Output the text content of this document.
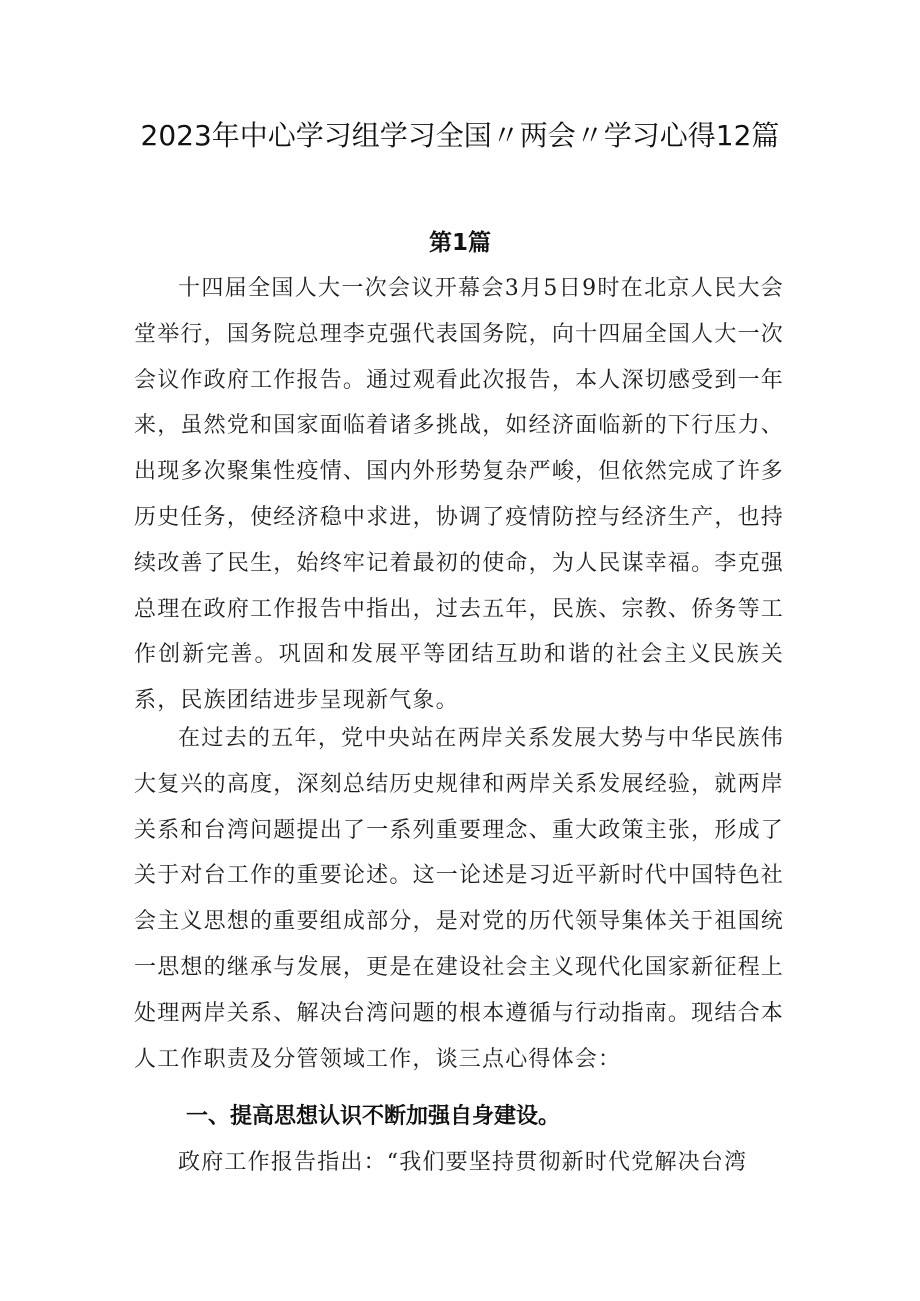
2023年中心学习组学习全国〃两会〃学习心得12篇
第1篇

十四届全国人大一次会议开幕会3月5日9时在北京人民大会堂举行，国务院总理李克强代表国务院，向十四届全国人大一次会议作政府工作报告。通过观看此次报告，本人深切感受到一年来，虽然党和国家面临着诸多挑战，如经济面临新的下行压力、出现多次聚集性疫情、国内外形势复杂严峻，但依然完成了许多历史任务，使经济稳中求进，协调了疫情防控与经济生产，也持续改善了民生，始终牢记着最初的使命，为人民谋幸福。李克强总理在政府工作报告中指出，过去五年，民族、宗教、侨务等工作创新完善。巩固和发展平等团结互助和谐的社会主义民族关系，民族团结进步呈现新气象。

在过去的五年，党中央站在两岸关系发展大势与中华民族伟大复兴的高度，深刻总结历史规律和两岸关系发展经验，就两岸关系和台湾问题提出了一系列重要理念、重大政策主张，形成了关于对台工作的重要论述。这一论述是习近平新时代中国特色社会主义思想的重要组成部分，是对党的历代领导集体关于祖国统一思想的继承与发展，更是在建设社会主义现代化国家新征程上处理两岸关系、解决台湾问题的根本遵循与行动指南。现结合本人工作职责及分管领域工作，谈三点心得体会：

一、提高思想认识不断加强自身建设。

政府工作报告指出：“我们要坚持贯彻新时代党解决台湾
